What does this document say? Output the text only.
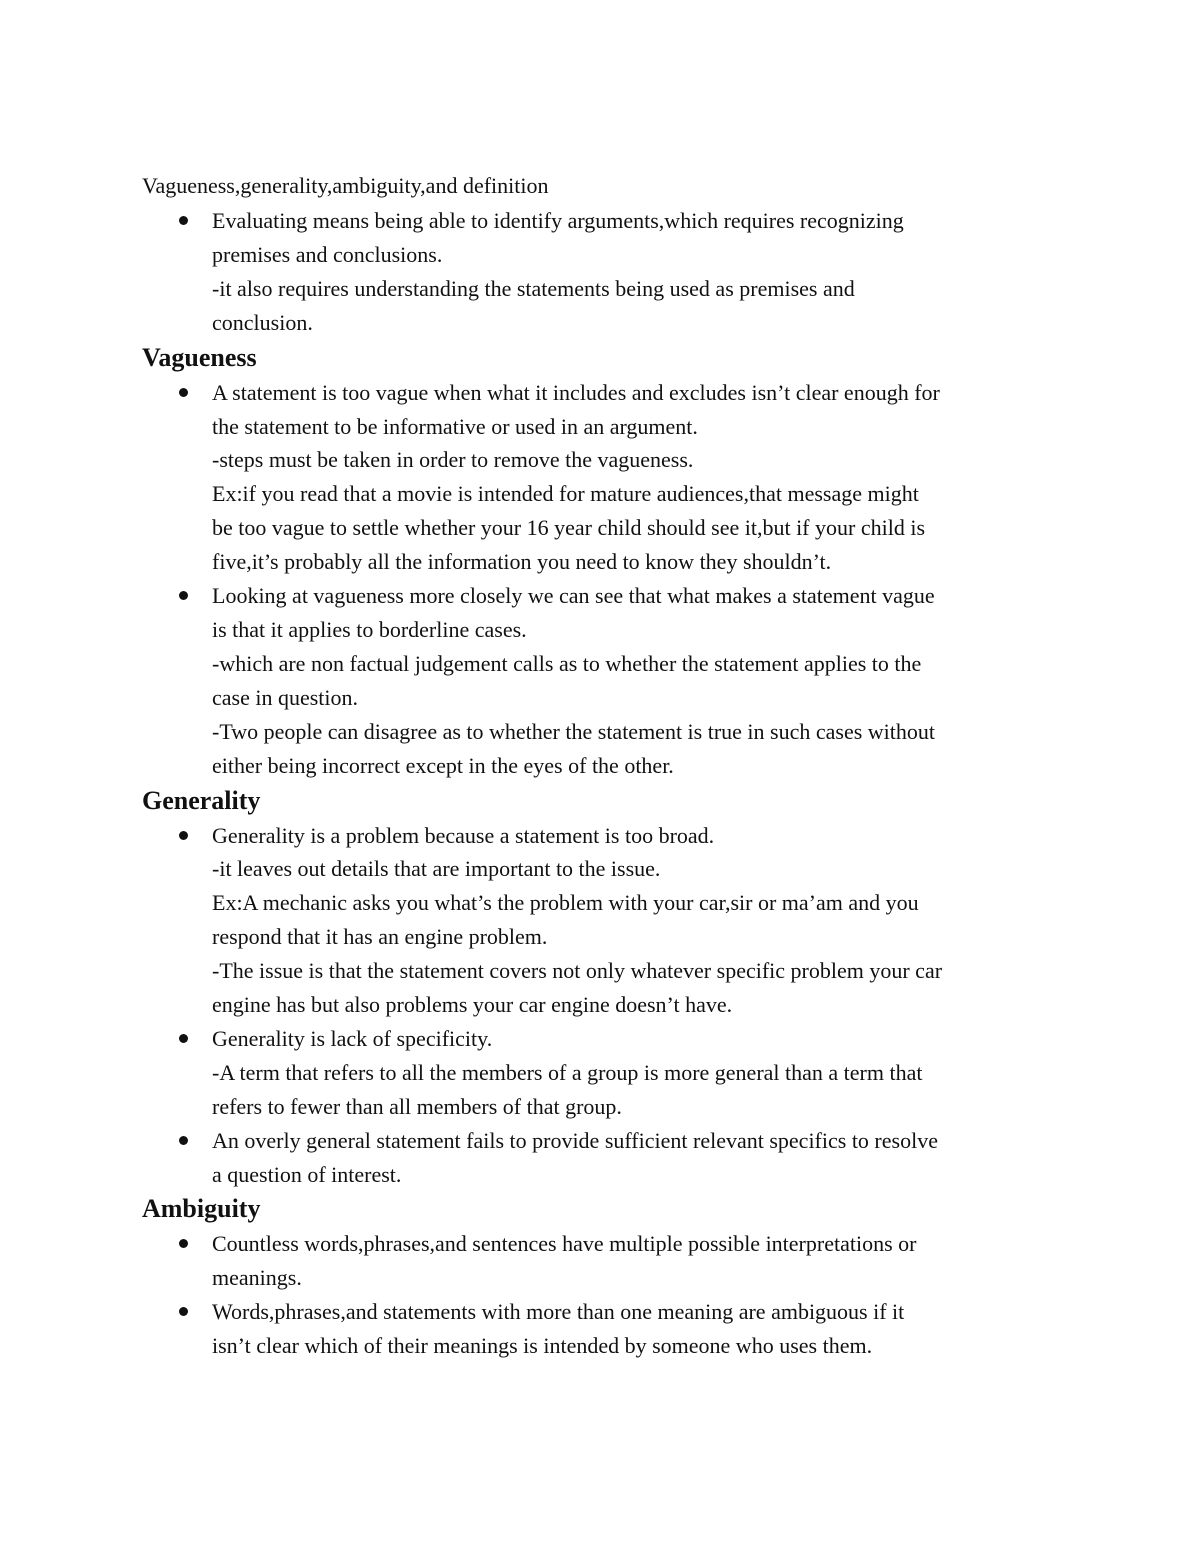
Vagueness,generality,ambiguity,and definition
Evaluating means being able to identify arguments,which requires recognizing
premises and conclusions.
-it also requires understanding the statements being used as premises and
conclusion.
Vagueness
A statement is too vague when what it includes and excludes isn’t clear enough for
the statement to be informative or used in an argument.
-steps must be taken in order to remove the vagueness.
Ex:if you read that a movie is intended for mature audiences,that message might
be too vague to settle whether your 16 year child should see it,but if your child is
five,it’s probably all the information you need to know they shouldn’t.
Looking at vagueness more closely we can see that what makes a statement vague
is that it applies to borderline cases.
-which are non factual judgement calls as to whether the statement applies to the
case in question.
-Two people can disagree as to whether the statement is true in such cases without
either being incorrect except in the eyes of the other.
Generality
Generality is a problem because a statement is too broad.
-it leaves out details that are important to the issue.
Ex:A mechanic asks you what’s the problem with your car,sir or ma’am and you
respond that it has an engine problem.
-The issue is that the statement covers not only whatever specific problem your car
engine has but also problems your car engine doesn’t have.
Generality is lack of specificity.
-A term that refers to all the members of a group is more general than a term that
refers to fewer than all members of that group.
An overly general statement fails to provide sufficient relevant specifics to resolve
a question of interest.
Ambiguity
Countless words,phrases,and sentences have multiple possible interpretations or
meanings.
Words,phrases,and statements with more than one meaning are ambiguous if it
isn’t clear which of their meanings is intended by someone who uses them.
